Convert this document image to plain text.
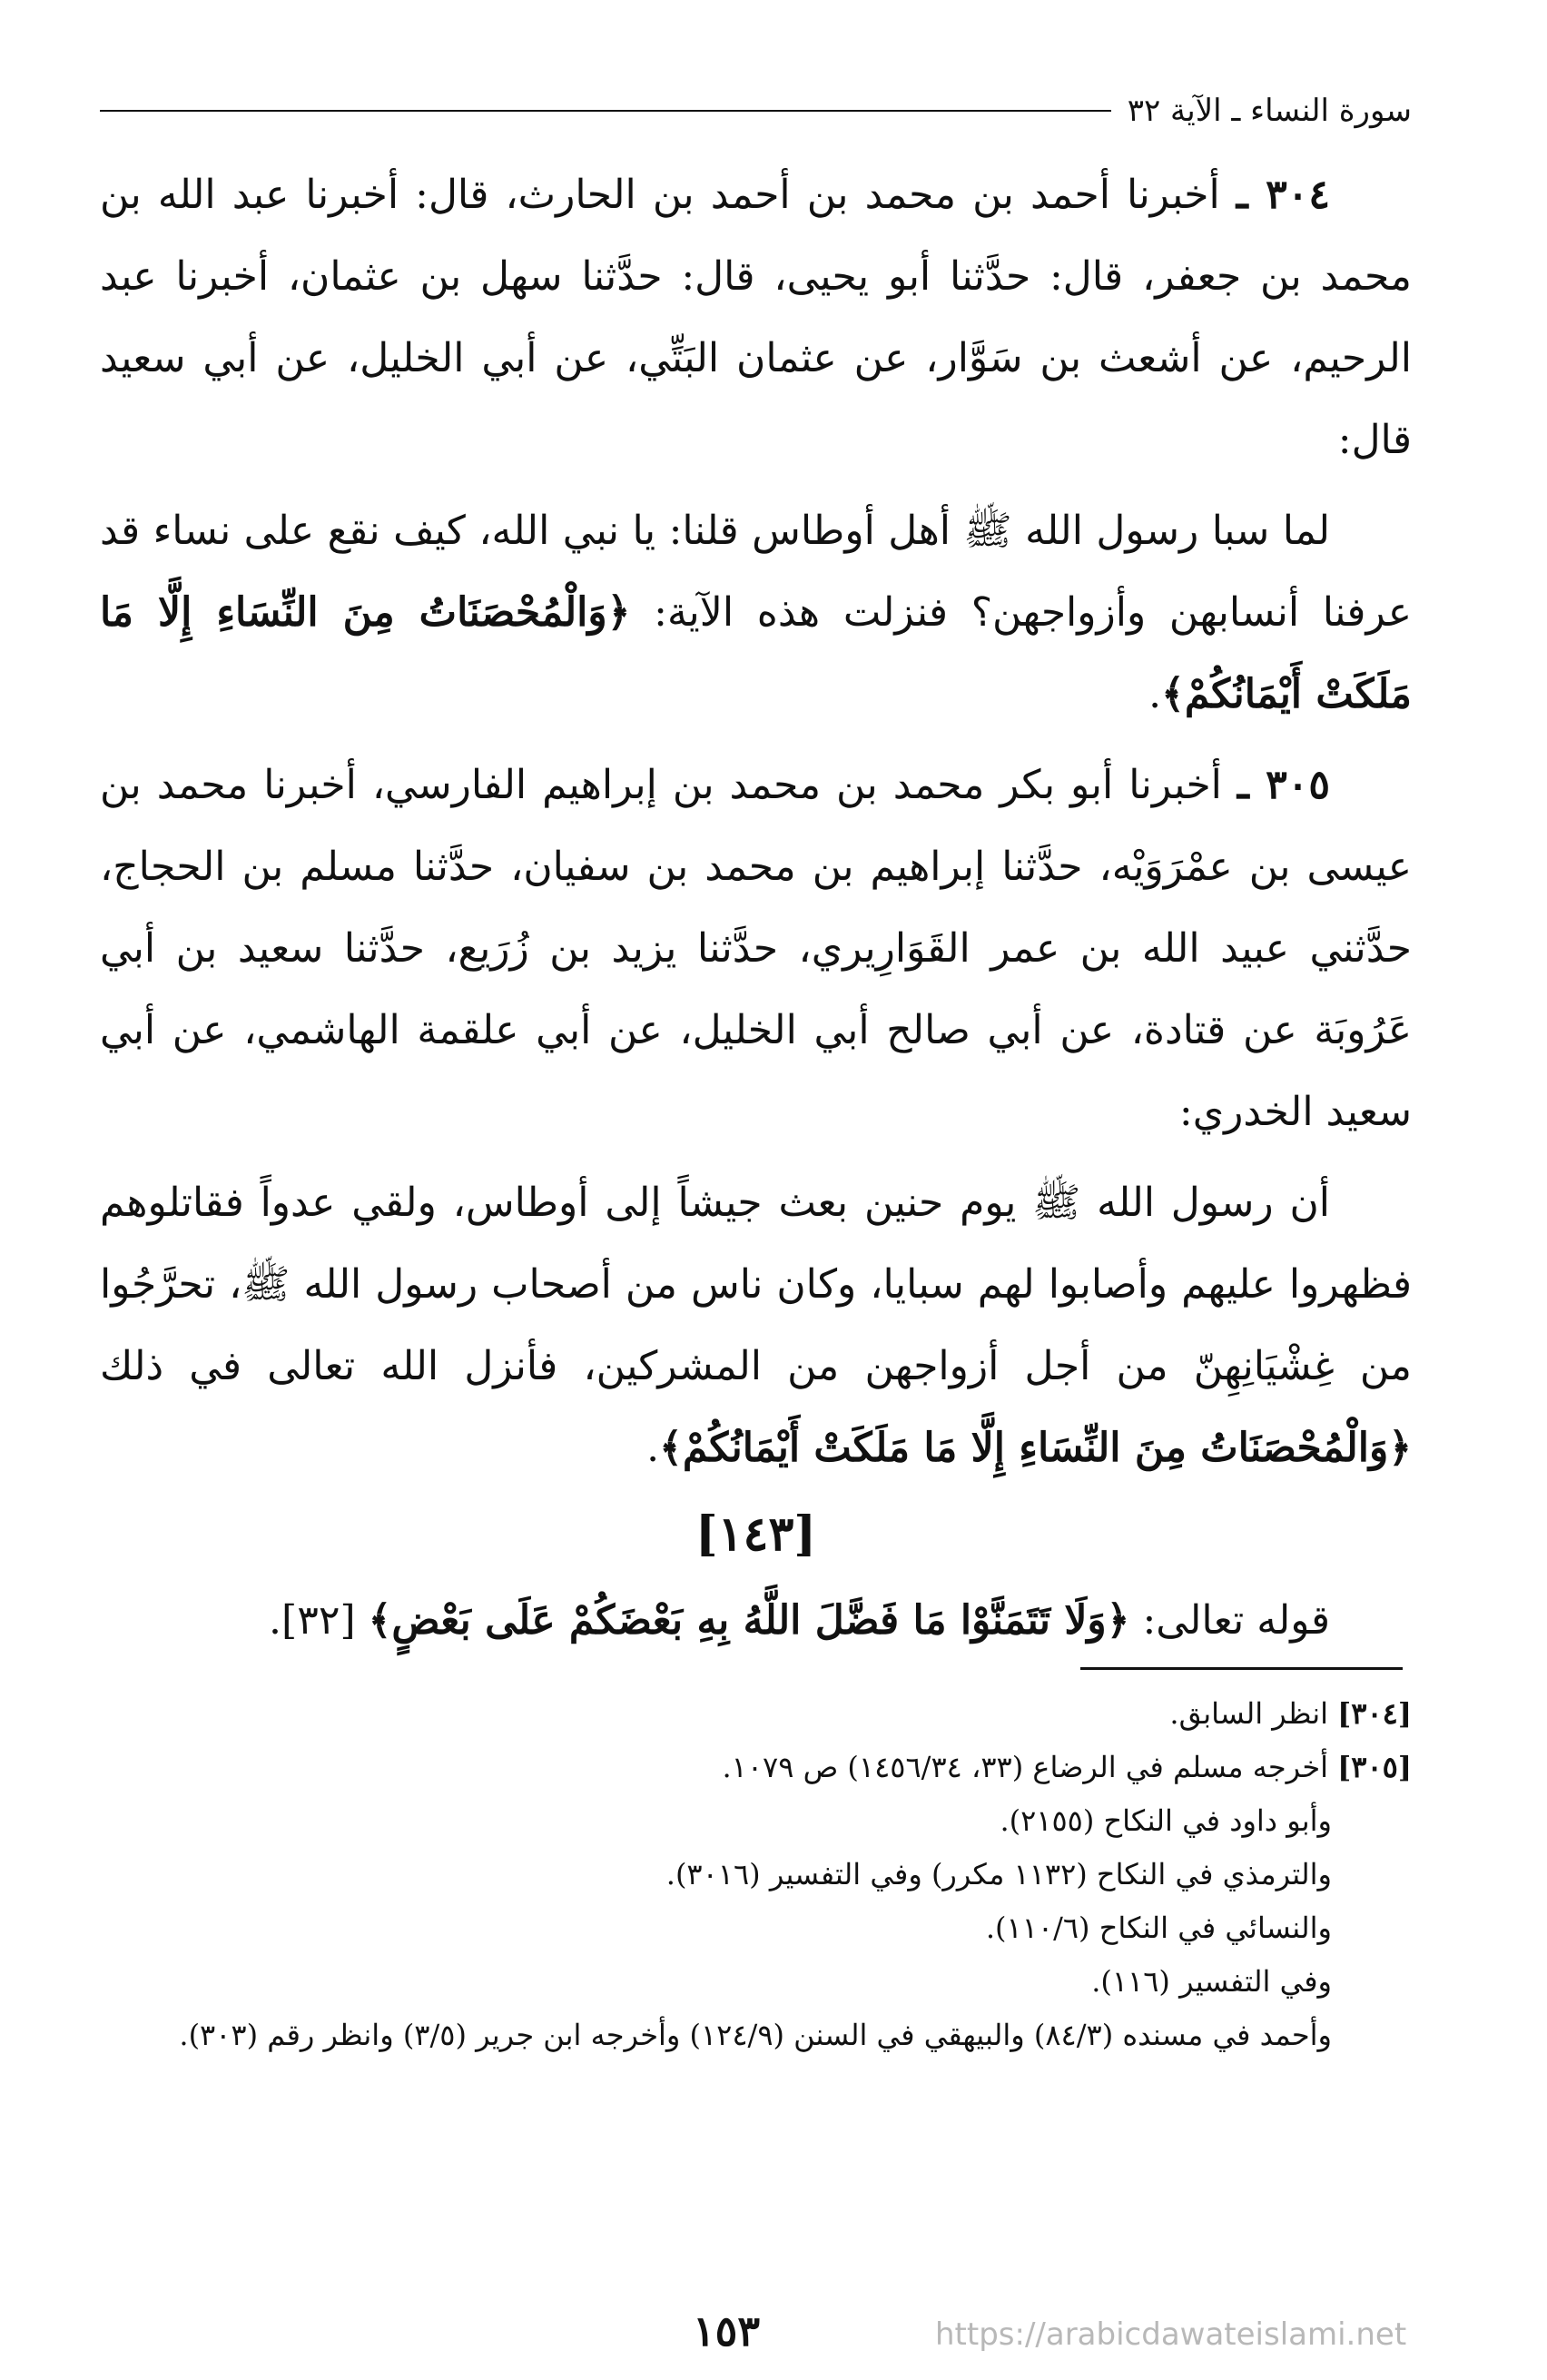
سورة النساء ـ الآية ٣٢

٣٠٤ ـ أخبرنا أحمد بن محمد بن أحمد بن الحارث، قال: أخبرنا عبد الله بن محمد بن جعفر، قال: حدَّثنا أبو يحيى، قال: حدَّثنا سهل بن عثمان، أخبرنا عبد الرحيم، عن أشعث بن سَوَّار، عن عثمان البَتِّي، عن أبي الخليل، عن أبي سعيد قال:

لما سبا رسول الله ﷺ أهل أوطاس قلنا: يا نبي الله، كيف نقع على نساء قد عرفنا أنسابهن وأزواجهن؟ فنزلت هذه الآية: ﴿وَالْمُحْصَنَاتُ مِنَ النِّسَاءِ إِلَّا مَا مَلَكَتْ أَيْمَانُكُمْ﴾.

٣٠٥ ـ أخبرنا أبو بكر محمد بن محمد بن إبراهيم الفارسي، أخبرنا محمد بن عيسى بن عمْرَوَيْه، حدَّثنا إبراهيم بن محمد بن سفيان، حدَّثنا مسلم بن الحجاج، حدَّثني عبيد الله بن عمر القَوَارِيري، حدَّثنا يزيد بن زُرَيع، حدَّثنا سعيد بن أبي عَرُوبَة عن قتادة، عن أبي صالح أبي الخليل، عن أبي علقمة الهاشمي، عن أبي سعيد الخدري:

أن رسول الله ﷺ يوم حنين بعث جيشاً إلى أوطاس، ولقي عدواً فقاتلوهم فظهروا عليهم وأصابوا لهم سبايا، وكان ناس من أصحاب رسول الله ﷺ، تحرَّجُوا من غِشْيَانِهِنّ من أجل أزواجهن من المشركين، فأنزل الله تعالى في ذلك ﴿وَالْمُحْصَنَاتُ مِنَ النِّسَاءِ إِلَّا مَا مَلَكَتْ أَيْمَانُكُمْ﴾.

[١٤٣]

قوله تعالى: ﴿وَلَا تَتَمَنَّوْا مَا فَضَّلَ اللَّهُ بِهِ بَعْضَكُمْ عَلَى بَعْضٍ﴾ [٣٢].

[٣٠٤] انظر السابق.

[٣٠٥] أخرجه مسلم في الرضاع (٣٣، ١٤٥٦/٣٤) ص ١٠٧٩.

وأبو داود في النكاح (٢١٥٥).

والترمذي في النكاح (١١٣٢ مكرر) وفي التفسير (٣٠١٦).

والنسائي في النكاح (١١٠/٦).

وفي التفسير (١١٦).

وأحمد في مسنده (٨٤/٣) والبيهقي في السنن (١٢٤/٩) وأخرجه ابن جرير (٣/٥) وانظر رقم (٣٠٣).

١٥٣	https://arabicdawateislami.net
